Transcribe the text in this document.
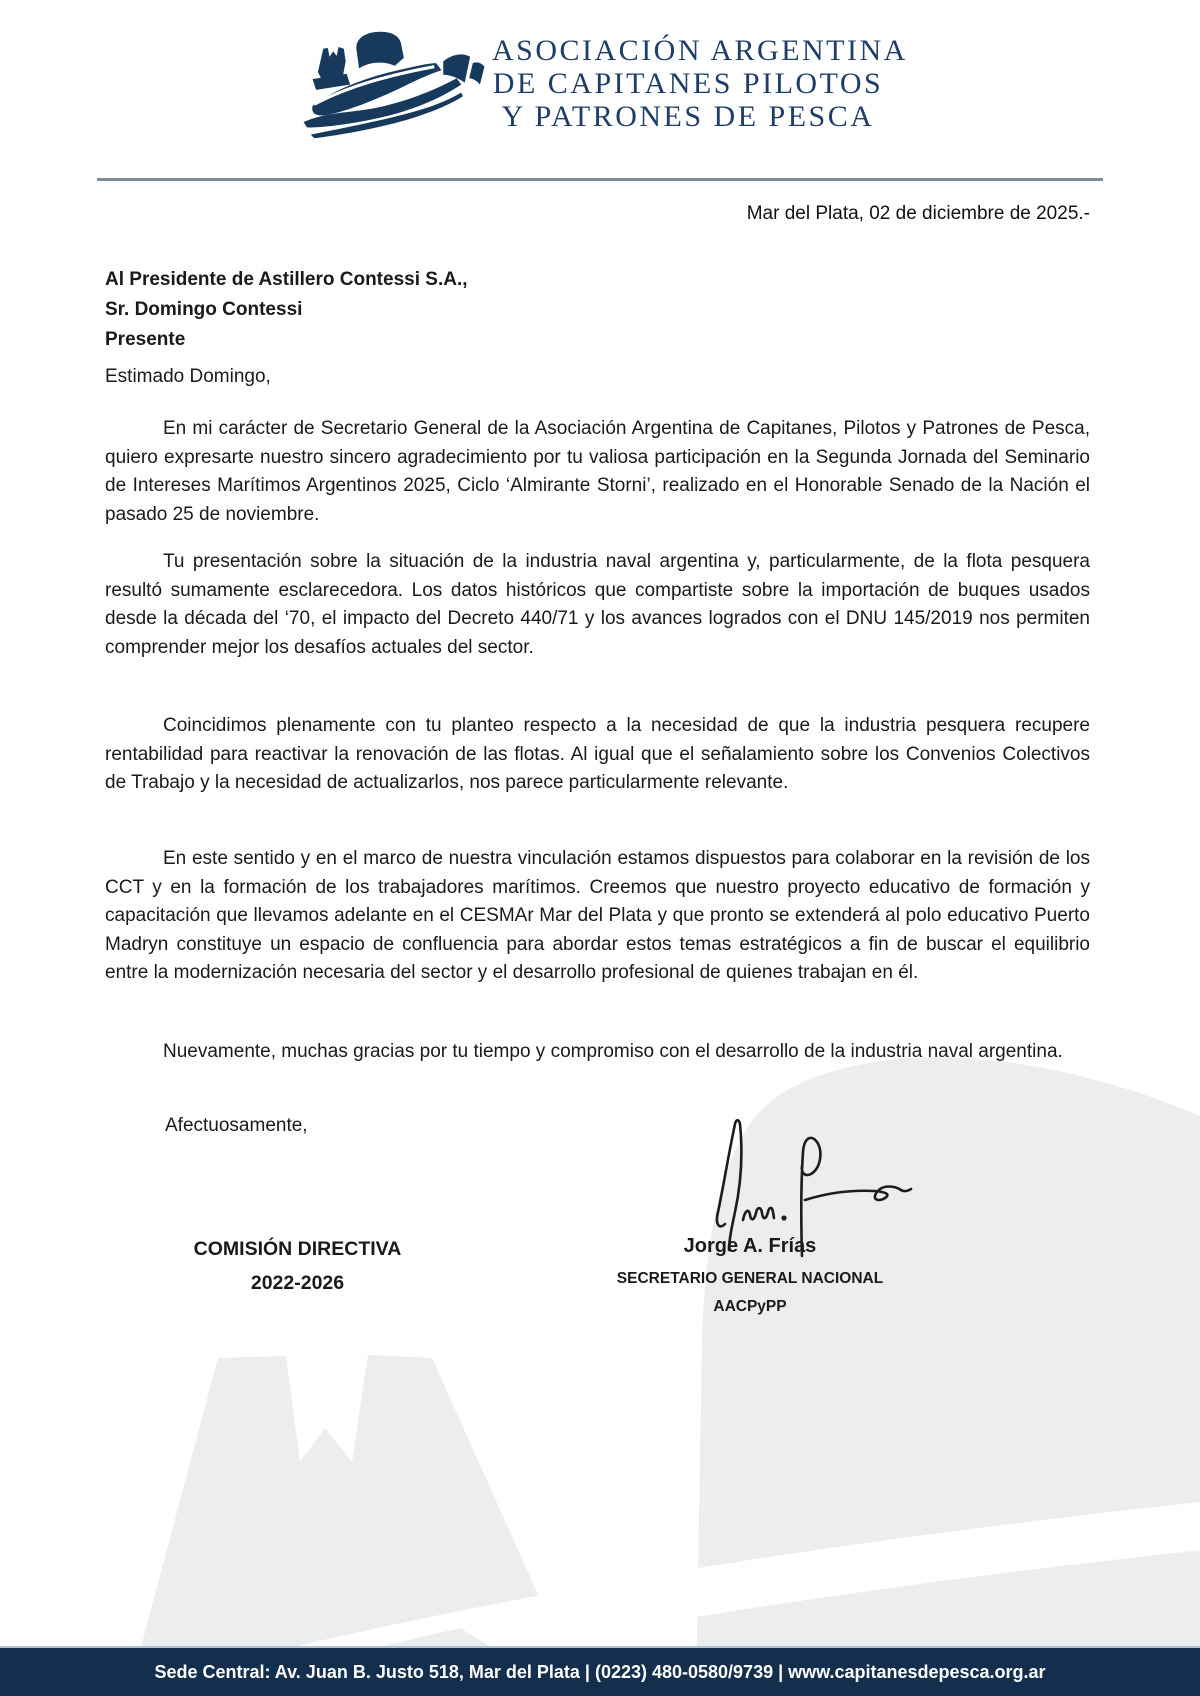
ASOCIACIÓN ARGENTINA
DE CAPITANES PILOTOS
Y PATRONES DE PESCA
Mar del Plata, 02 de diciembre de 2025.-
Al Presidente de Astillero Contessi S.A.,
Sr. Domingo Contessi
Presente
Estimado Domingo,

En mi carácter de Secretario General de la Asociación Argentina de Capitanes, Pilotos y Patrones de Pesca, quiero expresarte nuestro sincero agradecimiento por tu valiosa participación en la Segunda Jornada del Seminario de Intereses Marítimos Argentinos 2025, Ciclo ‘Almirante Storni’, realizado en el Honorable Senado de la Nación el pasado 25 de noviembre.

Tu presentación sobre la situación de la industria naval argentina y, particularmente, de la flota pesquera resultó sumamente esclarecedora. Los datos históricos que compartiste sobre la importación de buques usados desde la década del ‘70, el impacto del Decreto 440/71 y los avances logrados con el DNU 145/2019 nos permiten comprender mejor los desafíos actuales del sector.

Coincidimos plenamente con tu planteo respecto a la necesidad de que la industria pesquera recupere rentabilidad para reactivar la renovación de las flotas. Al igual que el señalamiento sobre los Convenios Colectivos de Trabajo y la necesidad de actualizarlos, nos parece particularmente relevante.

En este sentido y en el marco de nuestra vinculación estamos dispuestos para colaborar en la revisión de los CCT y en la formación de los trabajadores marítimos. Creemos que nuestro proyecto educativo de formación y capacitación que llevamos adelante en el CESMAr Mar del Plata y que pronto se extenderá al polo educativo Puerto Madryn constituye un espacio de confluencia para abordar estos temas estratégicos a fin de buscar el equilibrio entre la modernización necesaria del sector y el desarrollo profesional de quienes trabajan en él.

Nuevamente, muchas gracias por tu tiempo y compromiso con el desarrollo de la industria naval argentina.

Afectuosamente,
Jorge A. Frías
SECRETARIO GENERAL NACIONAL
AACPyPP
COMISIÓN DIRECTIVA
2022-2026
Sede Central: Av. Juan B. Justo 518, Mar del Plata | (0223) 480-0580/9739 | www.capitanesdepesca.org.ar
